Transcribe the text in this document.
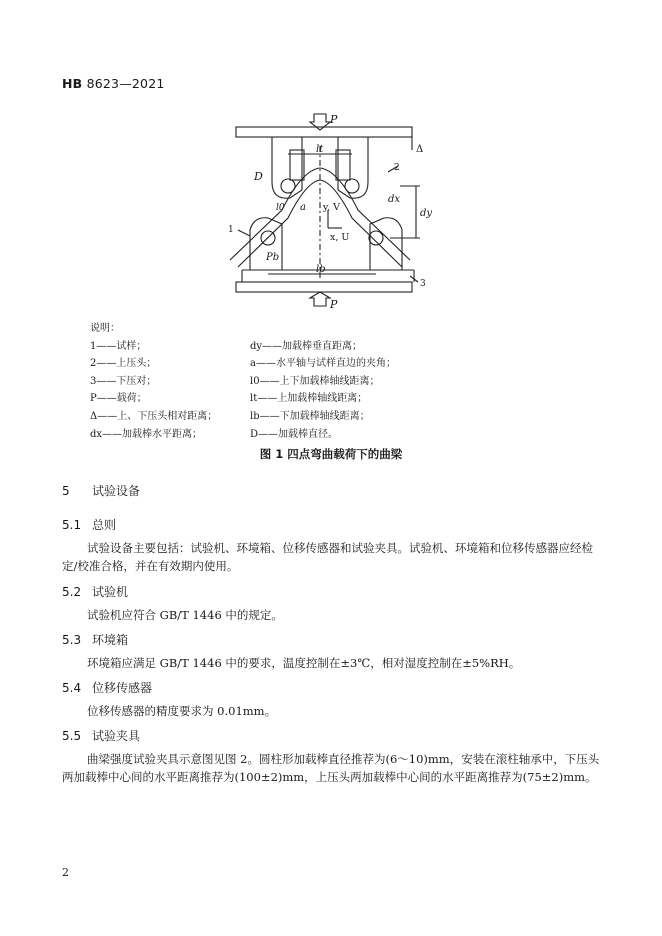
HB 8623—2021
P
P
Δ
D
lt
lb
a
dx
dy
y, V
x, U
Pb
l0
1
2
3
说明：
1——试样；
2——上压头；
3——下压对；
P——载荷；
Δ——上、下压头相对距离；
dx——加载棒水平距离；
dy——加载棒垂直距离；
a——水平轴与试样直边的夹角；
l0——上下加载棒轴线距离；
lt——上加载棒轴线距离；
lb——下加载棒轴线距离；
D——加载棒直径。
图 1 四点弯曲载荷下的曲梁
5 试验设备
5.1 总则
试验设备主要包括：试验机、环境箱、位移传感器和试验夹具。试验机、环境箱和位移传感器应经检定/校准合格，并在有效期内使用。
5.2 试验机
试验机应符合 GB/T 1446 中的规定。
5.3 环境箱
环境箱应满足 GB/T 1446 中的要求，温度控制在±3℃，相对湿度控制在±5%RH。
5.4 位移传感器
位移传感器的精度要求为 0.01mm。
5.5 试验夹具
曲梁强度试验夹具示意图见图 2。圆柱形加载棒直径推荐为(6～10)mm，安装在滚柱轴承中，下压头两加载棒中心间的水平距离推荐为(100±2)mm，上压头两加载棒中心间的水平距离推荐为(75±2)mm。
2
